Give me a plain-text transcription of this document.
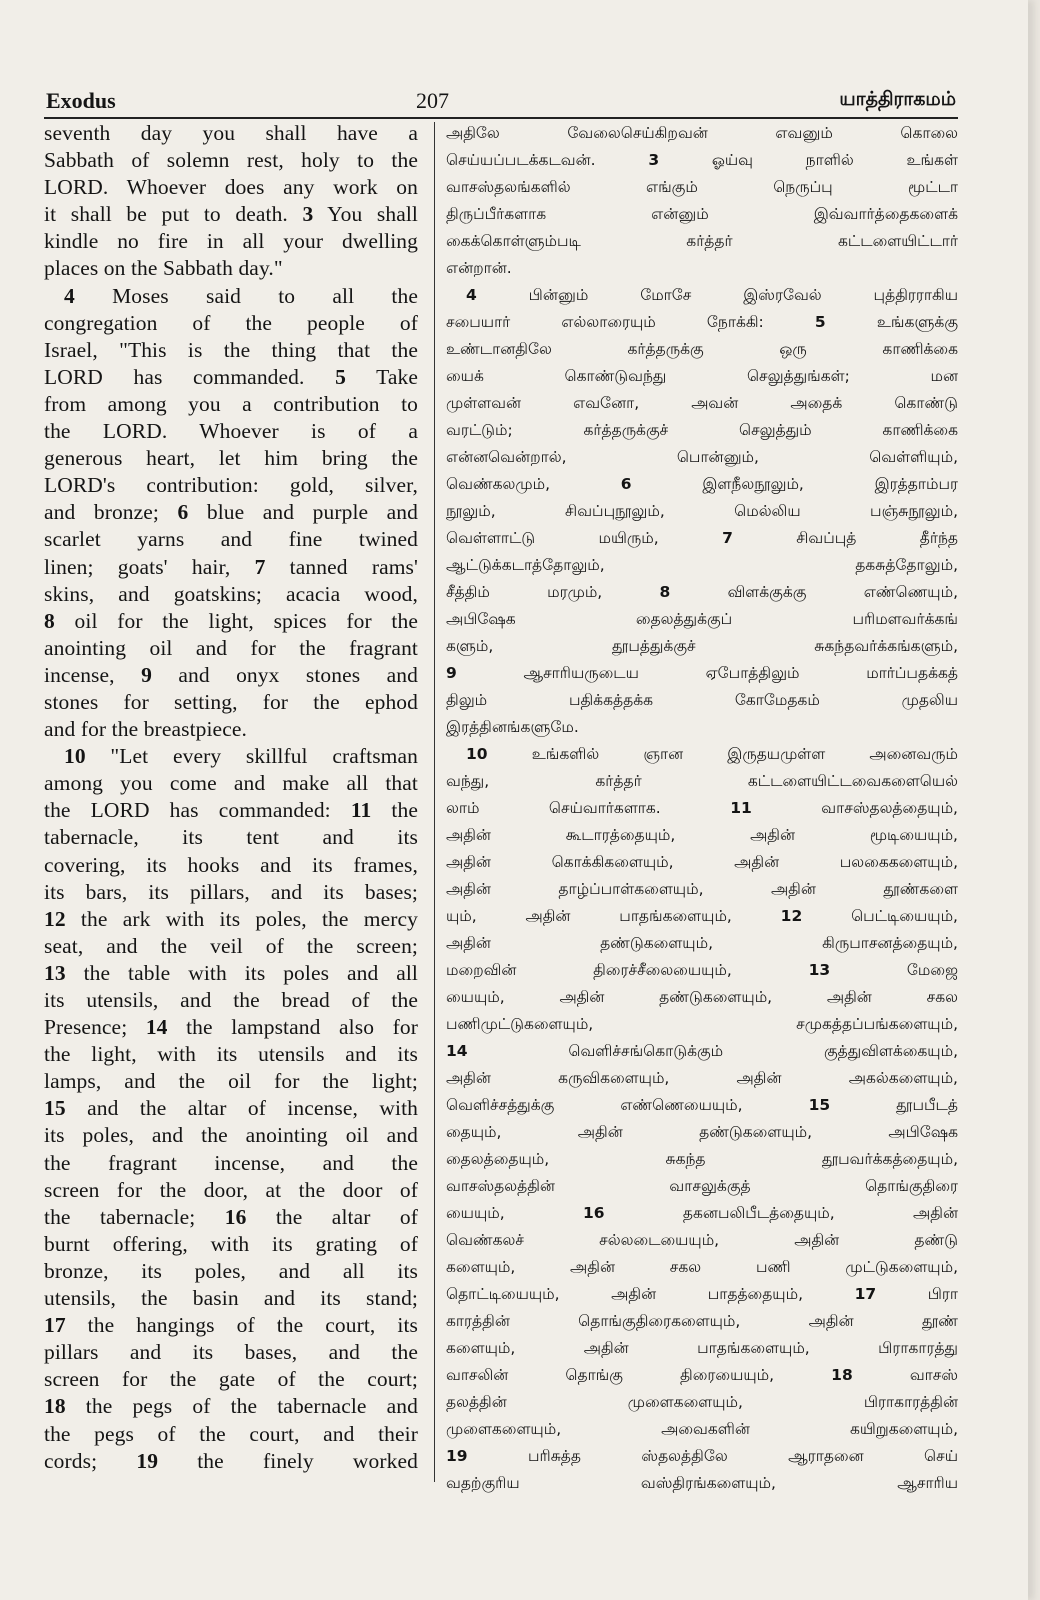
Exodus	207	யாத்திராகமம்
seventh day you shall have a
Sabbath of solemn rest, holy to the
LORD. Whoever does any work on
it shall be put to death. 3 You shall
kindle no fire in all your dwelling
places on the Sabbath day."
4 Moses said to all the
congregation of the people of
Israel, "This is the thing that the
LORD has commanded. 5 Take
from among you a contribution to
the LORD. Whoever is of a
generous heart, let him bring the
LORD's contribution: gold, silver,
and bronze; 6 blue and purple and
scarlet yarns and fine twined
linen; goats' hair, 7 tanned rams'
skins, and goatskins; acacia wood,
8 oil for the light, spices for the
anointing oil and for the fragrant
incense, 9 and onyx stones and
stones for setting, for the ephod
and for the breastpiece.
10 "Let every skillful craftsman
among you come and make all that
the LORD has commanded: 11 the
tabernacle, its tent and its
covering, its hooks and its frames,
its bars, its pillars, and its bases;
12 the ark with its poles, the mercy
seat, and the veil of the screen;
13 the table with its poles and all
its utensils, and the bread of the
Presence; 14 the lampstand also for
the light, with its utensils and its
lamps, and the oil for the light;
15 and the altar of incense, with
its poles, and the anointing oil and
the fragrant incense, and the
screen for the door, at the door of
the tabernacle; 16 the altar of
burnt offering, with its grating of
bronze, its poles, and all its
utensils, the basin and its stand;
17 the hangings of the court, its
pillars and its bases, and the
screen for the gate of the court;
18 the pegs of the tabernacle and
the pegs of the court, and their
cords; 19 the finely worked
அதிலே வேலைசெய்கிறவன் எவனும் கொலை
செய்யப்படக்கடவன். 3 ஓய்வு நாளில் உங்கள்
வாசஸ்தலங்களில் எங்கும் நெருப்பு மூட்டா
திருப்பீர்களாக என்னும் இவ்வார்த்தைகளைக்
கைக்கொள்ளும்படி கர்த்தர் கட்டளையிட்டார்
என்றான்.
4 பின்னும் மோசே இஸ்ரவேல் புத்திரராகிய
சபையார் எல்லாரையும் நோக்கி: 5 உங்களுக்கு
உண்டானதிலே கர்த்தருக்கு ஒரு காணிக்கை
யைக் கொண்டுவந்து செலுத்துங்கள்; மன
முள்ளவன் எவனோ, அவன் அதைக் கொண்டு
வரட்டும்; கர்த்தருக்குச் செலுத்தும் காணிக்கை
என்னவென்றால், பொன்னும், வெள்ளியும்,
வெண்கலமும், 6 இளநீலநூலும், இரத்தாம்பர
நூலும், சிவப்புநூலும், மெல்லிய பஞ்சுநூலும்,
வெள்ளாட்டு மயிரும், 7 சிவப்புத் தீர்ந்த
ஆட்டுக்கடாத்தோலும், தகசுத்தோலும்,
சீத்திம் மரமும், 8 விளக்குக்கு எண்ணெயும்,
அபிஷேக தைலத்துக்குப் பரிமளவர்க்கங்
களும், தூபத்துக்குச் சுகந்தவர்க்கங்களும்,
9 ஆசாரியருடைய ஏபோத்திலும் மார்ப்பதக்கத்
திலும் பதிக்கத்தக்க கோமேதகம் முதலிய
இரத்தினங்களுமே.
10 உங்களில் ஞான இருதயமுள்ள அனைவரும்
வந்து, கர்த்தர் கட்டளையிட்டவைகளையெல்
லாம் செய்வார்களாக. 11 வாசஸ்தலத்தையும்,
அதின் கூடாரத்தையும், அதின் மூடியையும்,
அதின் கொக்கிகளையும், அதின் பலகைகளையும்,
அதின் தாழ்ப்பாள்களையும், அதின் தூண்களை
யும், அதின் பாதங்களையும், 12 பெட்டியையும்,
அதின் தண்டுகளையும், கிருபாசனத்தையும்,
மறைவின் திரைச்சீலையையும், 13 மேஜை
யையும், அதின் தண்டுகளையும், அதின் சகல
பணிமுட்டுகளையும், சமுகத்தப்பங்களையும்,
14 வெளிச்சங்கொடுக்கும் குத்துவிளக்கையும்,
அதின் கருவிகளையும், அதின் அகல்களையும்,
வெளிச்சத்துக்கு எண்ணெயையும், 15 தூபபீடத்
தையும், அதின் தண்டுகளையும், அபிஷேக
தைலத்தையும், சுகந்த தூபவர்க்கத்தையும்,
வாசஸ்தலத்தின் வாசலுக்குத் தொங்குதிரை
யையும், 16 தகனபலிபீடத்தையும், அதின்
வெண்கலச் சல்லடையையும், அதின் தண்டு
களையும், அதின் சகல பணி முட்டுகளையும்,
தொட்டியையும், அதின் பாதத்தையும், 17 பிரா
காரத்தின் தொங்குதிரைகளையும், அதின் தூண்
களையும், அதின் பாதங்களையும், பிராகாரத்து
வாசலின் தொங்கு திரையையும், 18 வாசஸ்
தலத்தின் முளைகளையும், பிராகாரத்தின்
முளைகளையும், அவைகளின் கயிறுகளையும்,
19 பரிசுத்த ஸ்தலத்திலே ஆராதனை செய்
வதற்குரிய வஸ்திரங்களையும், ஆசாரிய
